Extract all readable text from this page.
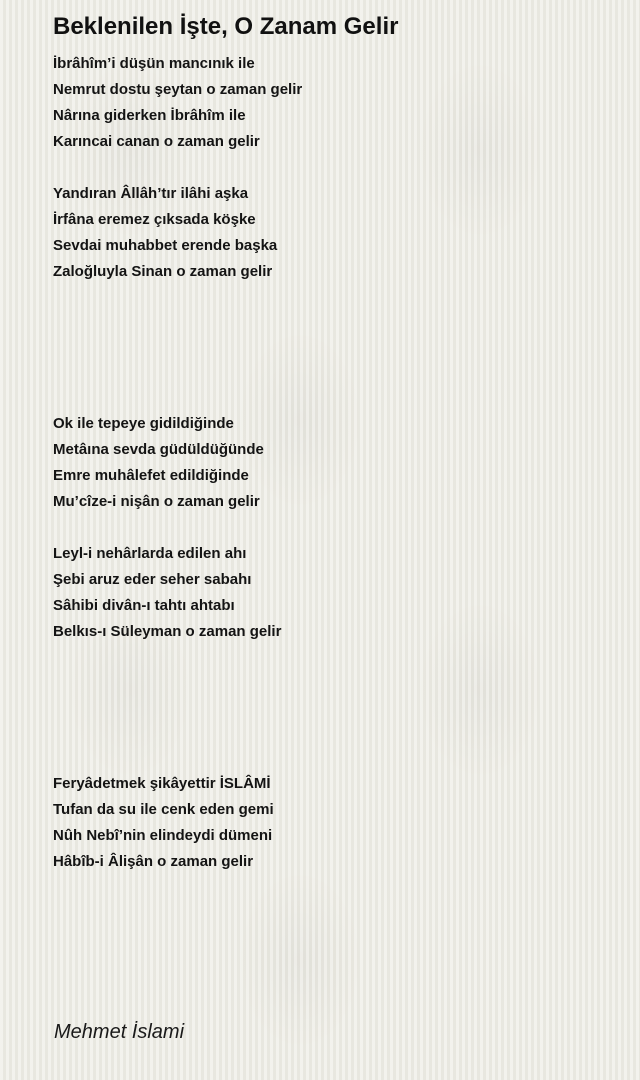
Beklenilen İşte, O Zanam Gelir
İbrâhîm’i düşün mancınık ile
Nemrut dostu şeytan o zaman gelir
Nârına giderken İbrâhîm ile
Karıncai canan o zaman gelir
Yandıran Âllâh’tır ilâhi aşka
İrfâna eremez çıksada köşke
Sevdai muhabbet erende başka
Zaloğluyla Sinan o zaman gelir
Ok ile tepeye gidildiğinde
Metâına sevda güdüldüğünde
Emre muhâlefet edildiğinde
Mu’cîze-i nişân o zaman gelir
Leyl-i nehârlarda edilen ahı
Şebi aruz eder seher sabahı
Sâhibi divân-ı tahtı ahtabı
Belkıs-ı Süleyman o zaman gelir
Feryâdetmek şikâyettir İSLÂMİ
Tufan da su ile cenk eden gemi
Nûh Nebî’nin elindeydi dümeni
Hâbîb-i Âlişân o zaman gelir
Mehmet İslami
